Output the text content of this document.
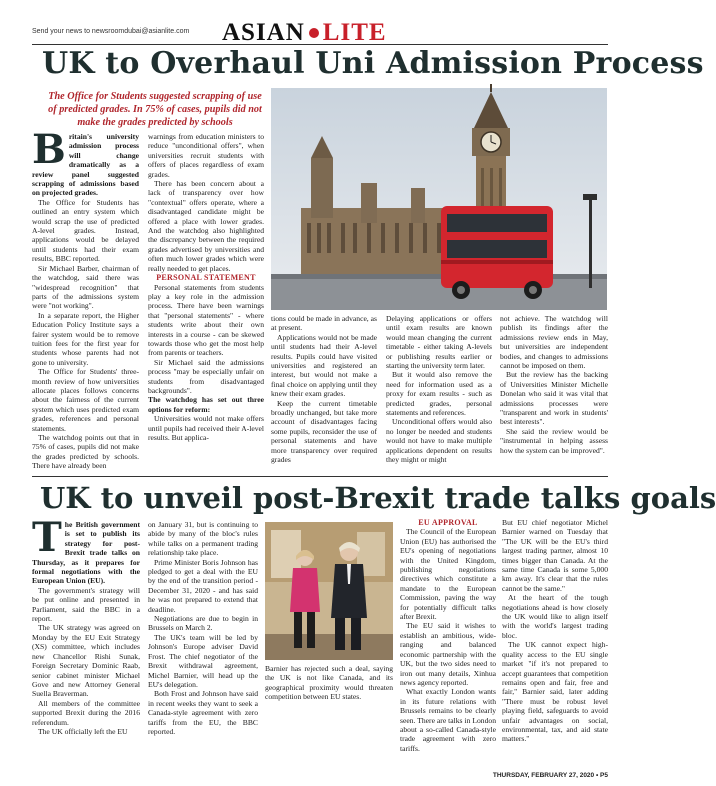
Send your news to newsroomdubai@asianlite.com ASIAN LITE
UK to Overhaul Uni Admission Process
The Office for Students suggested scrapping of use of predicted grades. In 75% of cases, pupils did not make the grades predicted by schools
B ritain's university admission process will change dramatically as a review panel suggested scrapping of admissions based on projected grades.

The Office for Students has outlined an entry system which would scrap the use of predicted A-level grades. Instead, applications would be delayed until students had their exam results, BBC reported.

Sir Michael Barber, chairman of the watchdog, said there was "widespread recognition" that parts of the admissions system were "not working".

In a separate report, the Higher Education Policy Institute says a fairer system would be to remove tuition fees for the first year for students whose parents had not gone to university.

The Office for Students' three-month review of how universities allocate places follows concerns about the fairness of the current system which uses predicted exam grades, references and personal statements.

The watchdog points out that in 75% of cases, pupils did not make the grades predicted by schools. There have already been

warnings from education ministers to reduce "unconditional offers", when universities recruit students with offers of places regardless of exam grades.

There has been concern about a lack of transparency over how "contextual" offers operate, where a disadvantaged candidate might be offered a place with lower grades. And the watchdog also highlighted the discrepancy between the required grades advertised by universities and often much lower grades which were really needed to get places.

PERSONAL STATEMENT

Personal statements from students play a key role in the admission process. There have been warnings that "personal statements" - where students write about their own interests in a course - can be skewed towards those who get the most help from parents or teachers.

Sir Michael said the admissions process "may be especially unfair on students from disadvantaged backgrounds".

The watchdog has set out three options for reform:

Universities would not make offers until pupils had received their A-level results. But applica-

tions could be made in advance, as at present.

Applications would not be made until students had their A-level results. Pupils could have visited universities and registered an interest, but would not make a final choice on applying until they knew their exam grades.

Keep the current timetable broadly unchanged, but take more account of disadvantages facing some pupils, reconsider the use of personal statements and have more transparency over required grades

Delaying applications or offers until exam results are known would mean changing the current timetable - either taking A-levels or publishing results earlier or starting the university term later.

But it would also remove the need for information used as a proxy for exam results - such as predicted grades, personal statements and references.

Unconditional offers would also no longer be needed and students would not have to make multiple applications dependent on results they might or might

not achieve. The watchdog will publish its findings after the admissions review ends in May, but universities are independent bodies, and changes to admissions cannot be imposed on them.

But the review has the backing of Universities Minister Michelle Donelan who said it was vital that admissions processes were "transparent and work in students' best interests".

She said the review would be "instrumental in helping assess how the system can be improved".

UK to unveil post-Brexit trade talks goals
T he British government is set to publish its strategy for post-Brexit trade talks on Thursday, as it prepares for formal negotiations with the European Union (EU).

The government's strategy will be put online and presented in Parliament, said the BBC in a report.

The UK strategy was agreed on Monday by the EU Exit Strategy (XS) committee, which includes new Chancellor Rishi Sunak, Foreign Secretary Dominic Raab, senior cabinet minister Michael Gove and new Attorney General Suella Braverman.

All members of the committee supported Brexit during the 2016 referendum.

The UK officially left the EU

on January 31, but is continuing to abide by many of the bloc's rules while talks on a permanent trading relationship take place.

Prime Minister Boris Johnson has pledged to get a deal with the EU by the end of the transition period - December 31, 2020 - and has said he was not prepared to extend that deadline.

Negotiations are due to begin in Brussels on March 2.

The UK's team will be led by Johnson's Europe adviser David Frost. The chief negotiator of the Brexit withdrawal agreement, Michel Barnier, will head up the EU's delegation.

Both Frost and Johnson have said in recent weeks they want to seek a Canada-style agreement with zero tariffs from the EU, the BBC reported.

Barnier has rejected such a deal, saying the UK is not like Canada, and its geographical proximity would threaten competition between EU states.

EU APPROVAL

The Council of the European Union (EU) has authorised the EU's opening of negotiations with the United Kingdom, publishing negotiations directives which constitute a mandate to the European Commission, paving the way for potentially difficult talks after Brexit.

The EU said it wishes to establish an ambitious, wide-ranging and balanced economic partnership with the UK, but the two sides need to iron out many details, Xinhua news agency reported.

What exactly London wants in its future relations with Brussels remains to be clearly seen. There are talks in London about a so-called Canada-style trade agreement with zero tariffs.

But EU chief negotiator Michel Barnier warned on Tuesday that "The UK will be the EU's third largest trading partner, almost 10 times bigger than Canada. At the same time Canada is some 5,000 km away. It's clear that the rules cannot be the same."

At the heart of the tough negotiations ahead is how closely the UK would like to align itself with the world's largest trading bloc.

The UK cannot expect high-quality access to the EU single market "if it's not prepared to accept guarantees that competition remains open and fair, free and fair," Barnier said, later adding "There must be robust level playing field, safeguards to avoid unfair advantages on social, environmental, tax, and aid state matters."

THURSDAY, FEBRUARY 27, 2020 • P5
